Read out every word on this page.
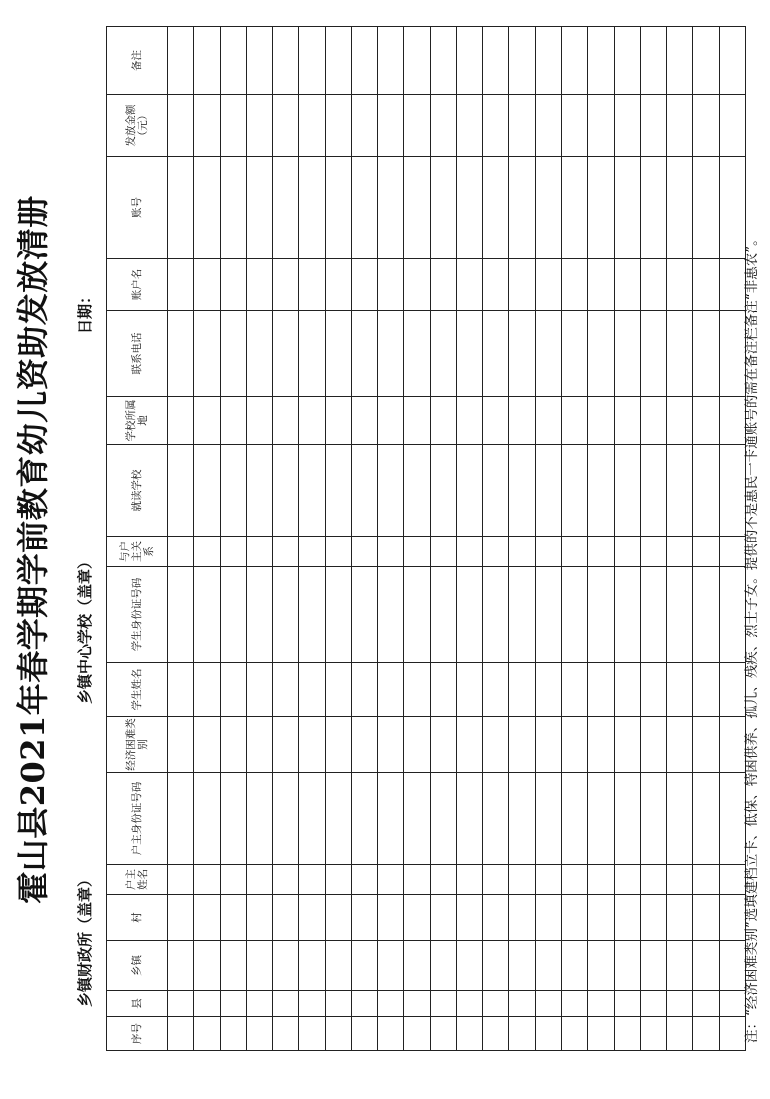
霍山县2021年春学期学前教育幼儿资助发放清册
乡镇财政所（盖章）
乡镇中心学校（盖章）
日期：
序号	县	乡镇	村	户主姓名	户主身份证号码	经济困难类别	学生姓名	学生身份证号码	与户主关系	就读学校	学校所属地	联系电话	账户名	账号	发放金额（元）	备注

注：“经济困难类别”选填建档立卡、低保、特困供养、孤儿、残疾、烈士子女。提供的不是惠民一卡通账号的需在备注栏备注“非惠农”。
